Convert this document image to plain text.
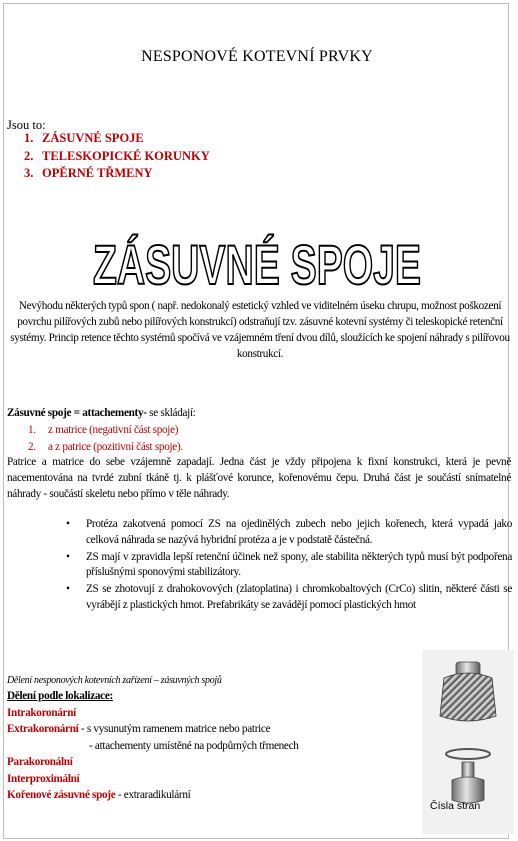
NESPONOVÉ KOTEVNÍ PRVKY
Jsou to:
1. ZÁSUVNÉ SPOJE
2. TELESKOPICKÉ KORUNKY
3. OPĚRNÉ TŘMENY
ZÁSUVNÉ SPOJE
Nevýhodu některých typů spon ( např. nedokonalý estetický vzhled ve viditelném úseku chrupu, možnost poškození povrchu pilířových zubů nebo pilířových konstrukcí) odstraňují tzv. zásuvné kotevní systémy či teleskopické retenční systémy. Princip retence těchto systémů spočívá ve vzájemném tření dvou dílů, sloužících ke spojení náhrady s pilířovou konstrukcí.
Zásuvné spoje = attachementy- se skládají:
1. z matrice (negativní část spoje)
2. a z patrice (pozitivní část spoje).
Patrice a matrice do sebe vzájemně zapadají. Jedna část je vždy připojena k fixní konstrukci, která je pevně nacementována na tvrdé zubní tkáně tj. k plášťové korunce, kořenovému čepu. Druhá část je součástí snímatelné náhrady - součástí skeletu nebo přímo v těle náhrady.
• Protéza zakotvená pomocí ZS na ojedinělých zubech nebo jejich kořenech, která vypadá jako celková náhrada se nazývá hybridní protéza a je v podstatě částečná.
• ZS mají v zpravidla lepší retenční účinek než spony, ale stabilita některých typů musí být podpořena příslušnými sponovými stabilizátory.
• ZS se zhotovují z drahokovových (zlatoplatina) i chromkobaltových (CrCo) slitin, některé části se vyrábějí z plastických hmot. Prefabrikáty se zavádějí pomocí plastických hmot
Dělení nesponových kotevních zařízení – zásuvných spojů
Dělení podle lokalizace:
Intrakoronární
Extrakoronární - s vysunutým ramenem matrice nebo patrice
- attachementy umístěné na podpůrných třmenech
Parakoronální
Interproximální
Kořenové zásuvné spoje - extraradikulární
Čísla stran
